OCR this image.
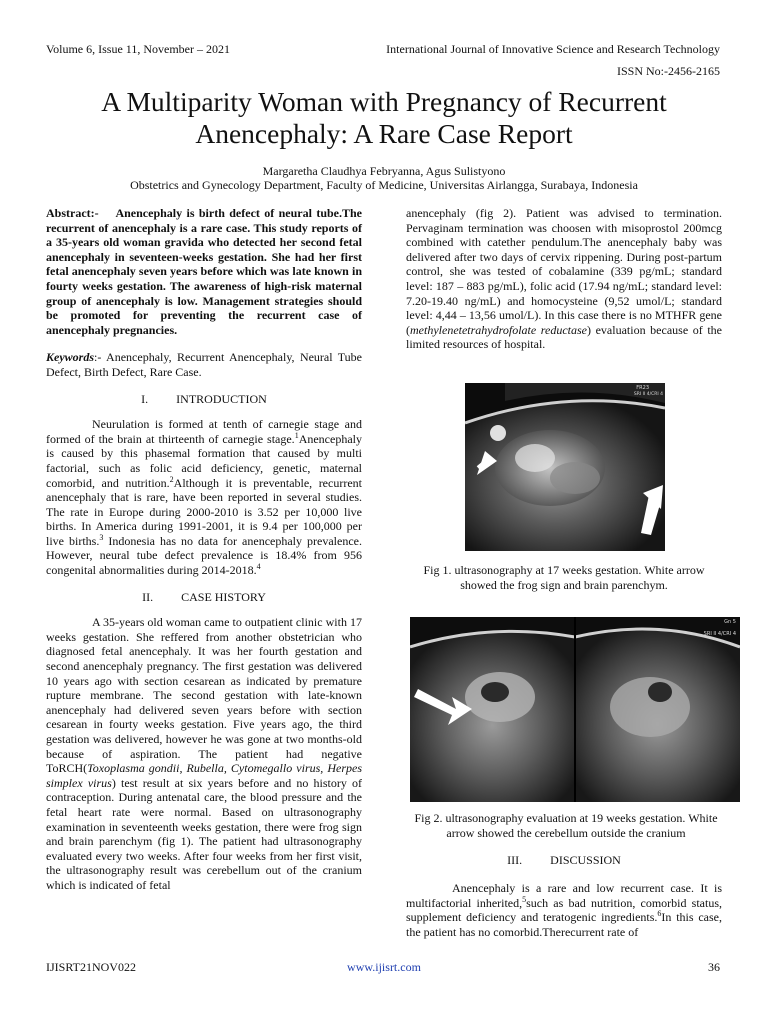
Volume 6, Issue 11, November – 2021	International Journal of Innovative Science and Research Technology
ISSN No:-2456-2165
A Multiparity Woman with Pregnancy of Recurrent Anencephaly: A Rare Case Report
Margaretha Claudhya Febryanna, Agus Sulistyono
Obstetrics and Gynecology Department, Faculty of Medicine, Universitas Airlangga, Surabaya, Indonesia

Abstract:- Anencephaly is birth defect of neural tube.The recurrent of anencephaly is a rare case. This study reports of a 35-years old woman gravida who detected her second fetal anencephaly in seventeen-weeks gestation. She had her first fetal anencephaly seven years before which was late known in fourty weeks gestation. The awareness of high-risk maternal group of anencephaly is low. Management strategies should be promoted for preventing the recurrent case of anencephaly pregnancies.

Keywords:- Anencephaly, Recurrent Anencephaly, Neural Tube Defect, Birth Defect, Rare Case.

I. INTRODUCTION

Neurulation is formed at tenth of carnegie stage and formed of the brain at thirteenth of carnegie stage.$^1$Anencephaly is caused by this phasemal formation that caused by multi factorial, such as folic acid deficiency, genetic, maternal comorbid, and nutrition.$^2$Although it is preventable, recurrent anencephaly that is rare, have been reported in several studies. The rate in Europe during 2000-2010 is 3.52 per 10,000 live births. In America during 1991-2001, it is 9.4 per 100,000 per live births.$^3$ Indonesia has no data for anencephaly prevalence. However, neural tube defect prevalence is 18.4% from 956 congenital abnormalities during 2014-2018.$^4$

II. CASE HISTORY

A 35-years old woman came to outpatient clinic with 17 weeks gestation. She reffered from another obstetrician who diagnosed fetal anencephaly. It was her fourth gestation and second anencephaly pregnancy. The first gestation was delivered 10 years ago with section cesarean as indicated by premature rupture membrane. The second gestation with late-known anencephaly had delivered seven years before with section cesarean in fourty weeks gestation. Five years ago, the third gestation was delivered, however he was gone at two months-old because of aspiration. The patient had negative ToRCH(Toxoplasma gondii, Rubella, Cytomegallo virus, Herpes simplex virus) test result at six years before and no history of contraception. During antenatal care, the blood pressure and the fetal heart rate were normal. Based on ultrasonography examination in seventeenth weeks gestation, there were frog sign and brain parenchym (fig 1). The patient had ultrasonography evaluated every two weeks. After four weeks from her first visit, the ultrasonography result was cerebellum out of the cranium which is indicated of fetal

anencephaly (fig 2). Patient was advised to termination. Pervaginam termination was choosen with misoprostol 200mcg combined with catether pendulum.The anencephaly baby was delivered after two days of cervix rippening. During post-partum control, she was tested of cobalamine (339 pg/mL; standard level: 187 – 883 pg/mL), folic acid (17.94 ng/mL; standard level: 7.20-19.40 ng/mL) and homocysteine (9,52 umol/L; standard level: 4,44 – 13,56 umol/L). In this case there is no MTHFR gene (methylenetetrahydrofolate reductase) evaluation because of the limited resources of hospital.

FR23
SRI II 4/CRI 4
Fig 1. ultrasonography at 17 weeks gestation. White arrow showed the frog sign and brain parenchym.
Gn 5
SRI II 4/CRI 4
Fig 2. ultrasonography evaluation at 19 weeks gestation. White arrow showed the cerebellum outside the cranium
III. DISCUSSION

Anencephaly is a rare and low recurrent case. It is multifactorial inherited,$^5$such as bad nutrition, comorbid status, supplement deficiency and teratogenic ingredients.$^6$In this case, the patient has no comorbid.Therecurrent rate of

IJISRT21NOV022	www.ijisrt.com	36
